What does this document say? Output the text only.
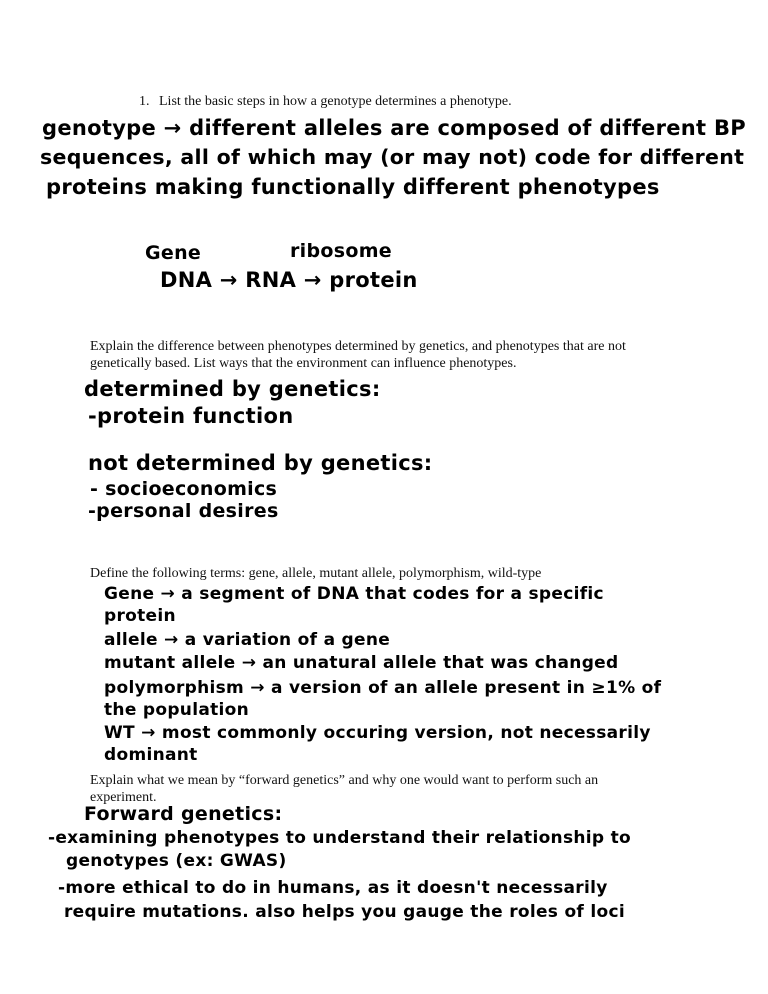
1. List the basic steps in how a genotype determines a phenotype.
genotype → different alleles are composed of different BP
sequences, all of which may (or may not) code for different
proteins making functionally different phenotypes
Gene	ribosome
DNA → RNA → protein
Explain the difference between phenotypes determined by genetics, and phenotypes that are not
genetically based. List ways that the environment can influence phenotypes.
determined by genetics:
-protein function
not determined by genetics:
- socioeconomics
-personal desires
Define the following terms: gene, allele, mutant allele, polymorphism, wild-type
Gene → a segment of DNA that codes for a specific
protein
allele → a variation of a gene
mutant allele → an unatural allele that was changed
polymorphism → a version of an allele present in ≥1% of
the population
WT → most commonly occuring version, not necessarily
dominant
Explain what we mean by “forward genetics” and why one would want to perform such an
experiment.
Forward genetics:
-examining phenotypes to understand their relationship to
genotypes (ex: GWAS)
-more ethical to do in humans, as it doesn't necessarily
require mutations. also helps you gauge the roles of loci
